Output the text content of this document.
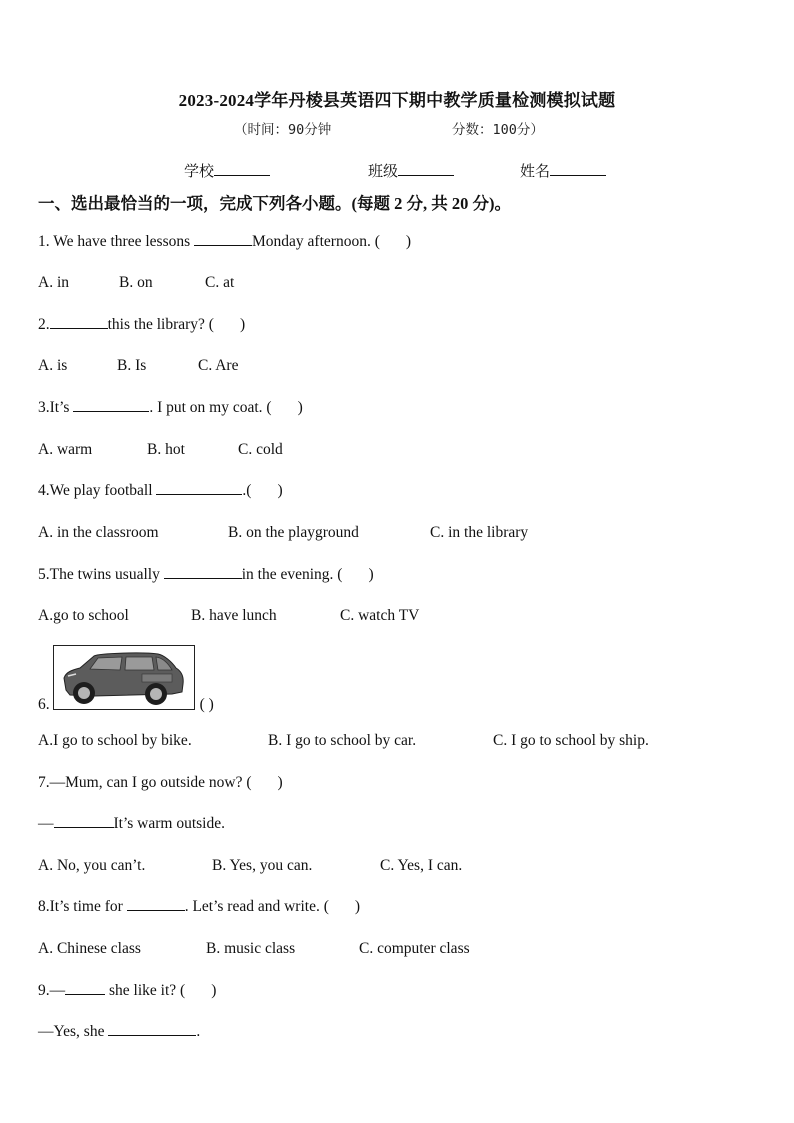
2023-2024学年丹棱县英语四下期中教学质量检测模拟试题
（时间：90分钟	分数：100分）
学校	班级	姓名
一、选出最恰当的一项，完成下列各小题。(每题 2 分, 共 20 分)。
1. We have three lessons	Monday afternoon. ( )
A. in	B. on	C. at
2.	this the library? ( )
A. is	B. Is	C. Are
3.It’s	. I put on my coat. ( )
A. warm	B. hot	C. cold
4.We play football	.( )
A. in the classroom	B. on the playground	C. in the library
5.The twins usually	in the evening. ( )
A.go to school	B. have lunch	C. watch TV
6.	( )
A.I go to school by bike.	B. I go to school by car.	C. I go to school by ship.
7.—Mum, can I go outside now? ( )
—	It’s warm outside.
A. No, you can’t.	B. Yes, you can.	C. Yes, I can.
8.It’s time for	. Let’s read and write. ( )
A. Chinese class	B. music class	C. computer class
9.—	she like it? ( )
—Yes, she	.
